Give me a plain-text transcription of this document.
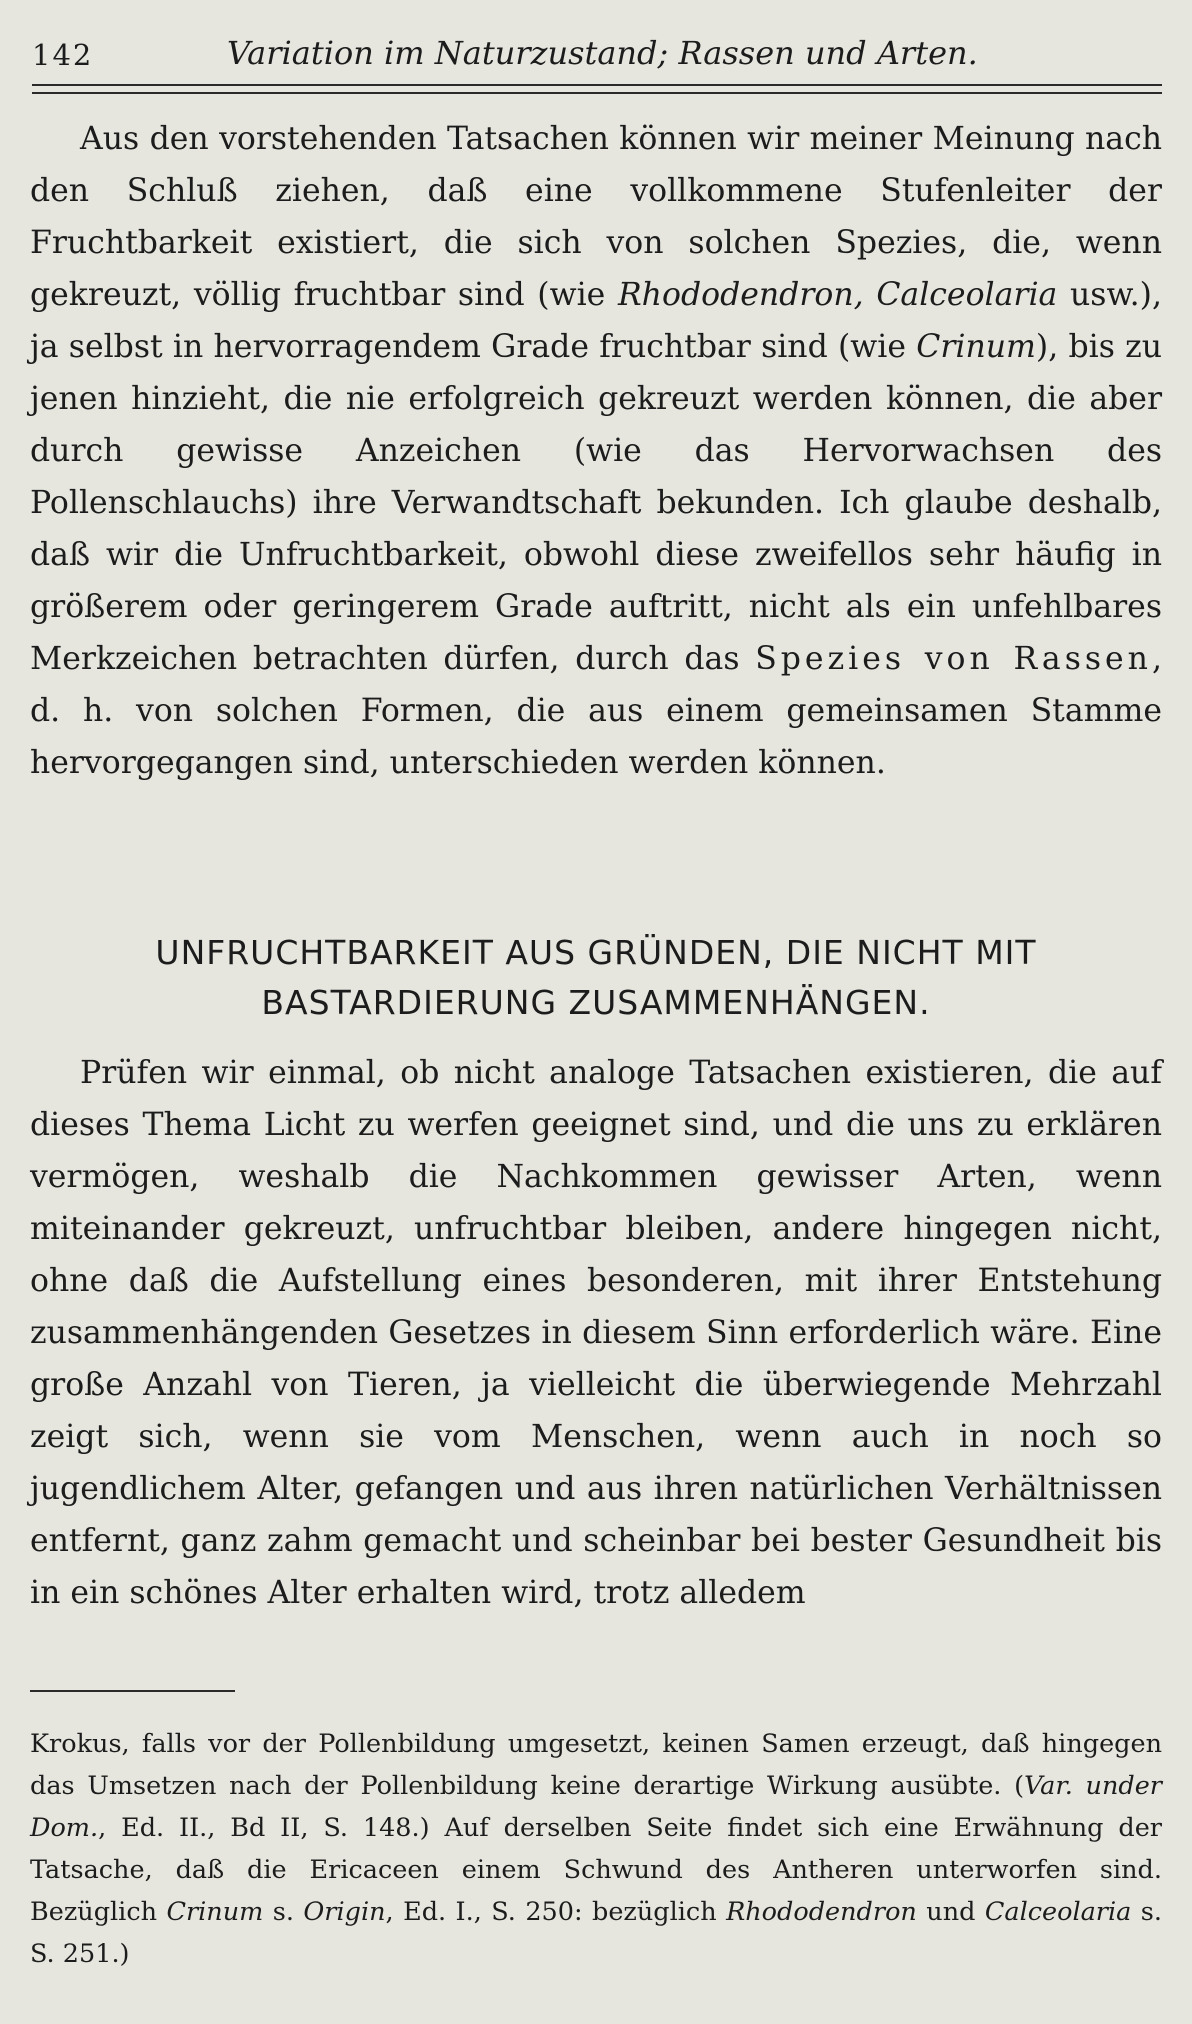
142	Variation im Naturzustand; Rassen und Arten.

Aus den vorstehenden Tatsachen können wir meiner Meinung nach den Schluß ziehen, daß eine vollkommene Stufenleiter der Fruchtbarkeit existiert, die sich von solchen Spezies, die, wenn gekreuzt, völlig fruchtbar sind (wie Rhododendron, Calceolaria usw.), ja selbst in hervorragendem Grade fruchtbar sind (wie Crinum), bis zu jenen hinzieht, die nie erfolgreich gekreuzt werden können, die aber durch gewisse Anzeichen (wie das Hervorwachsen des Pollenschlauchs) ihre Verwandtschaft bekunden. Ich glaube deshalb, daß wir die Unfruchtbarkeit, obwohl diese zweifellos sehr häufig in größerem oder geringerem Grade auftritt, nicht als ein unfehlbares Merkzeichen betrachten dürfen, durch das Spezies von Rassen, d. h. von solchen Formen, die aus einem gemeinsamen Stamme hervorgegangen sind, unterschieden werden können.

UNFRUCHTBARKEIT AUS GRÜNDEN, DIE NICHT MIT
BASTARDIERUNG ZUSAMMENHÄNGEN.

Prüfen wir einmal, ob nicht analoge Tatsachen existieren, die auf dieses Thema Licht zu werfen geeignet sind, und die uns zu erklären vermögen, weshalb die Nachkommen gewisser Arten, wenn miteinander gekreuzt, unfruchtbar bleiben, andere hingegen nicht, ohne daß die Aufstellung eines besonderen, mit ihrer Entstehung zusammenhängenden Gesetzes in diesem Sinn erforderlich wäre. Eine große Anzahl von Tieren, ja vielleicht die überwiegende Mehrzahl zeigt sich, wenn sie vom Menschen, wenn auch in noch so jugendlichem Alter, gefangen und aus ihren natürlichen Verhältnissen entfernt, ganz zahm gemacht und scheinbar bei bester Gesundheit bis in ein schönes Alter erhalten wird, trotz alledem

Krokus, falls vor der Pollenbildung umgesetzt, keinen Samen erzeugt, daß hingegen das Umsetzen nach der Pollenbildung keine derartige Wirkung ausübte. (Var. under Dom., Ed. II., Bd II, S. 148.) Auf derselben Seite findet sich eine Erwähnung der Tatsache, daß die Ericaceen einem Schwund des Antheren unterworfen sind. Bezüglich Crinum s. Origin, Ed. I., S. 250: bezüglich Rhododendron und Calceolaria s. S. 251.)
